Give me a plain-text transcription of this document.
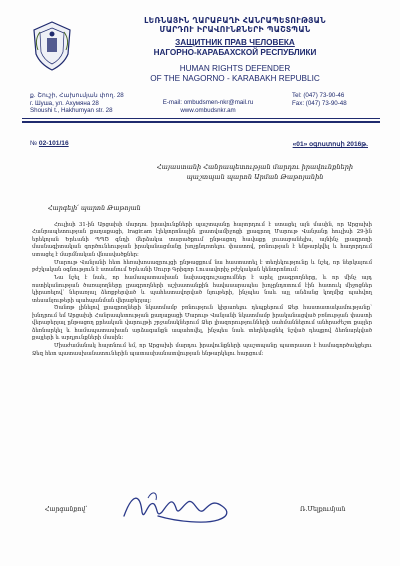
ԼԵՌՆԱՅԻՆ ՂԱՐԱԲԱՂԻ ՀԱՆՐԱՊԵՏՈՒԹՅԱՆ
ՄԱՐԴՈՒ ԻՐԱՎՈՒՆՔՆԵՐԻ ՊԱՇՏՊԱՆ
ЗАЩИТНИК ПРАВ ЧЕЛОВЕКА
НАГОРНО-КАРАБАХСКОЙ РЕСПУБЛИКИ
HUMAN RIGHTS DEFENDER
OF THE NAGORNO - KARABAKH REPUBLIC
ք. Շուշի, Հախումյան փող. 28
г. Шуша, ул. Ахумяна 28
Shoushi t., Hakhumyan str. 28
E-mail: ombudsmen-nkr@mail.ru
www.ombudsnkr.am
Tel: (047) 73-90-46
Fax: (047) 73-90-48
№ 02-101/16	«01» օգոստոսի 2016թ.
Հայաստանի Հանրապետության մարդու իրավունքների
պաշտպան պարոն Արման Թաթոյանին
Հարգելի՛ պարոն Թաթոյան

Հուլիսի 31-ին Արցախի մարդու իրավունքների պաշտպանը հայտրդում է ստացել այն մասին, որ Արցախի Հանրապետության քաղաքացի, lragir.am էլեկտրոնային լրատվամիջոցի լրագրող Մարութ Վանյանը հուլիսի 29-ին երեկոյան Երևանի ՊՊԾ գնդի մերձակա տարածքում ընթացող հավաքը լուսաբանելիս, այնինչ լրագրողի մասնագիտական գործունեության իրականացմանը խոչընդոտելու փաստով, բռնության է ենթարկվել և հաղորդում ստացել է մարմնական վնասվածքներ:

Մարութ Վանյանի հետ հեռախոսազրույցի ընթացքում նա հաստատել է տեղեկությունը և նշել, որ ներկայում բժշկական օգնություն է ստանում Երևանի Սուրբ Գրիգոր Լուսավորիչ բժշկական կենտրոնում:

Նա նշել է նաև, որ համապատասխան նախազգուշացումներ է արել լրագրողները, և որ մինչ այդ ոստիկանության ծառայողները լրագրողների աշխատանքին հավասարապես խոչընդոտում էին հատուկ միջոցներ կիրառելով՝ ներառյալ ձեռքբերված և պահեստավորված նյութերի, ինչպես նաև այլ անձանց կողմից պահվող տեսանյութերի պահպանման վերաբերյալ:

Ծանոթ լինելով լրագրողների նկատմամբ բռնություն կիրառելու դեպքերում Ձեր հաստատակամությանը՝ խնդրում եմ Արցախի Հանրապետության քաղաքացի Մարութ Վանյանի նկատմամբ իրականացված բռնության փաստի վերաբերյալ ընթացող քրեական վարույթի շրջանակներում Ձեր լիազորությունների սահմաններում անհրաժեշտ քայլեր ձեռնարկել և համապատասխան արձագանքն ապահովել, ինչպես նաև տեղեկացնել նշված դեպքով ձեռնարկված քայլերի և արդյունքների մասին:

Միաժամանակ հայտնում եմ, որ Արցախի մարդու իրավունքների պաշտպանը պատրաստ է համագործակցելու Ձեզ հետ պատասխանատուներին պատասխանատվության ենթարկելու հարցում:

Հարգանքով՝	Ռ.Մելքումյան
